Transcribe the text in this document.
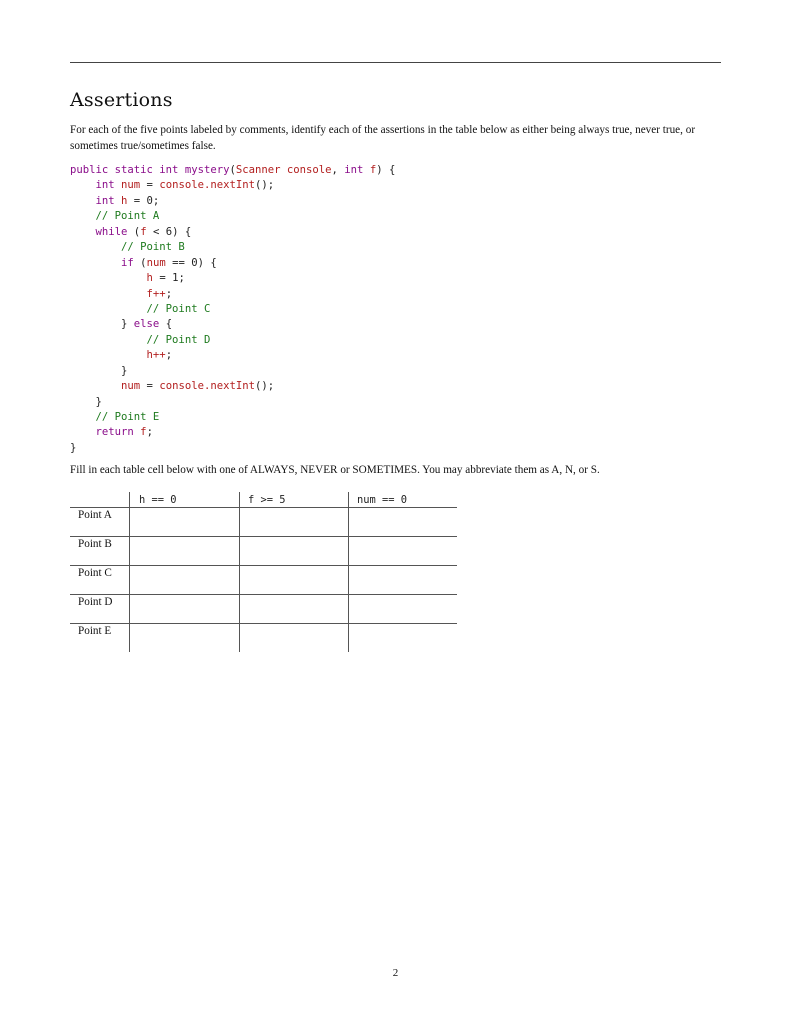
Assertions
For each of the five points labeled by comments, identify each of the assertions in the table below as either being always true, never true, or sometimes true/sometimes false.
public static int mystery(Scanner console, int f) {
int num = console.nextInt();
int h = 0;
// Point A
while (f < 6) {
// Point B
if (num == 0) {
h = 1;
f++;
// Point C
} else {
// Point D
h++;
}
num = console.nextInt();
}
// Point E
return f;
}
Fill in each table cell below with one of ALWAYS, NEVER or SOMETIMES. You may abbreviate them as A, N, or S.
h == 0	f >= 5	num == 0
Point A
Point B
Point C
Point D
Point E
2
